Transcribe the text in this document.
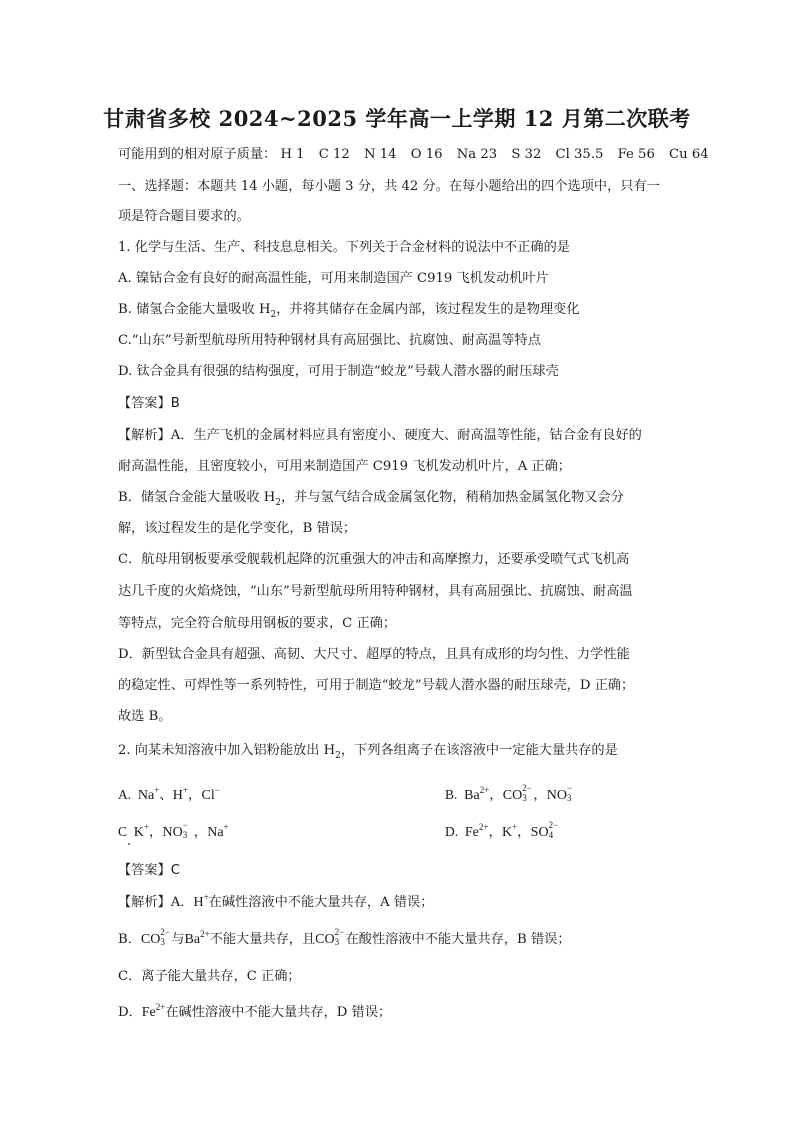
甘肃省多校 2024~2025 学年高一上学期 12 月第二次联考
可能用到的相对原子质量： H 1 C 12 N 14 O 16 Na 23 S 32 Cl 35.5 Fe 56 Cu 64
一、选择题：本题共 14 小题，每小题 3 分，共 42 分。在每小题给出的四个选项中，只有一
项是符合题目要求的。
1. 化学与生活、生产、科技息息相关。下列关于合金材料的说法中不正确的是
A. 镍钴合金有良好的耐高温性能，可用来制造国产 C919 飞机发动机叶片
B. 储氢合金能大量吸收 $H_2$，并将其储存在金属内部，该过程发生的是物理变化
C.“山东”号新型航母所用特种钢材具有高屈强比、抗腐蚀、耐高温等特点
D. 钛合金具有很强的结构强度，可用于制造“蛟龙”号载人潜水器的耐压球壳
【答案】B
【解析】A．生产飞机的金属材料应具有密度小、硬度大、耐高温等性能，钴合金有良好的
耐高温性能，且密度较小，可用来制造国产 C919 飞机发动机叶片，A 正确；
B．储氢合金能大量吸收 $H_2$，并与氢气结合成金属氢化物，稍稍加热金属氢化物又会分
解，该过程发生的是化学变化，B 错误；
C．航母用钢板要承受舰载机起降的沉重强大的冲击和高摩擦力，还要承受喷气式飞机高
达几千度的火焰烧蚀，“山东”号新型航母所用特种钢材，具有高屈强比、抗腐蚀、耐高温
等特点，完全符合航母用钢板的要求，C 正确；
D．新型钛合金具有超强、高韧、大尺寸、超厚的特点，且具有成形的均匀性、力学性能
的稳定性、可焊性等一系列特性，可用于制造“蛟龙”号载人潜水器的耐压球壳，D 正确；
故选 B。
2. 向某未知溶液中加入铝粉能放出 $H_2$，下列各组离子在该溶液中一定能大量共存的是
A. Na+、H+，Cl−	B. $Ba^{2+}$，CO 2−
3 ，NO −
3
C K+，NO −
3 ，Na+	D. $Fe^{2+}$，K+，SO 2−
4
【答案】C
【解析】A．H+在碱性溶液中不能大量共存，A 错误；
B．CO 2−
3 与$Ba^{2+}$不能大量共存，且CO 2−
3 在酸性溶液中不能大量共存，B 错误；
C．离子能大量共存，C 正确；
D．$Fe^{2+}$在碱性溶液中不能大量共存，D 错误；
